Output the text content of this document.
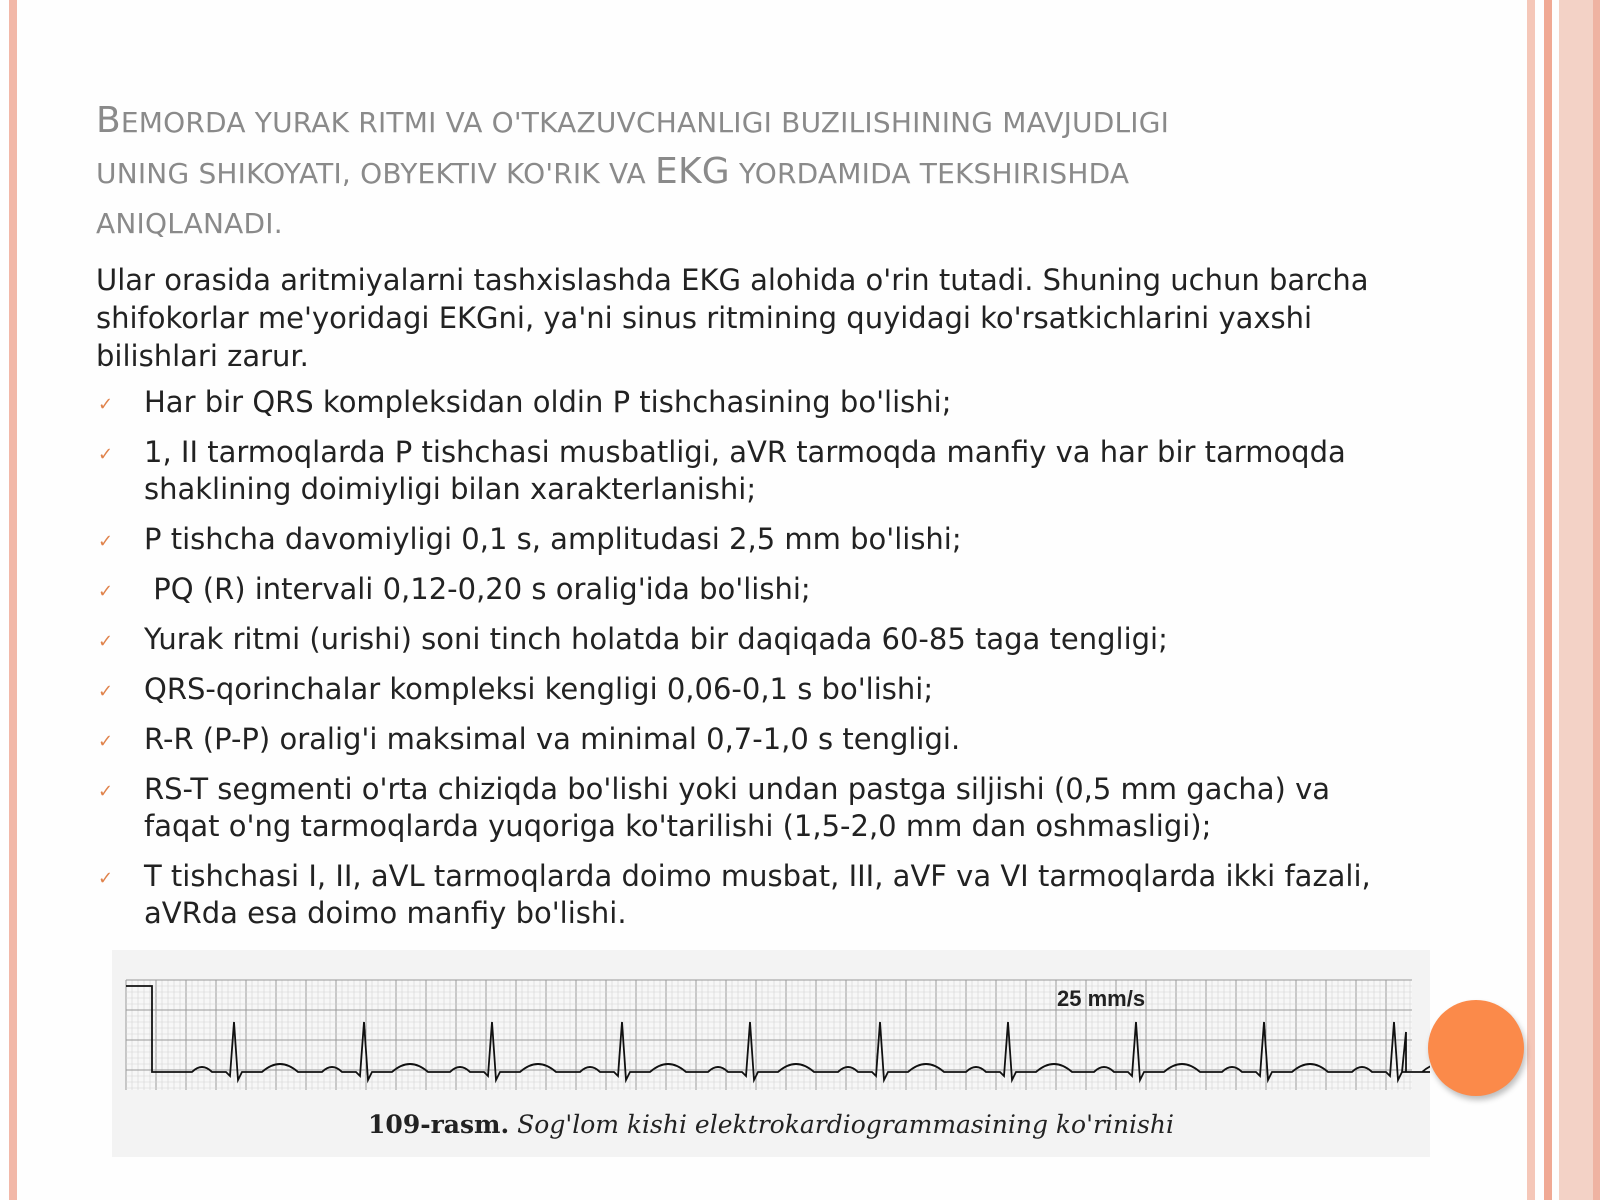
BEMORDA YURAK RITMI VA O'TKAZUVCHANLIGI BUZILISHINING MAVJUDLIGI
UNING SHIKOYATI, OBYEKTIV KO'RIK VA EKG YORDAMIDA TEKSHIRISHDA
ANIQLANADI.
Ular orasida aritmiyalarni tashxislashda EKG alohida o'rin tutadi. Shuning uchun barcha shifokorlar me'yoridagi EKGni, ya'ni sinus ritmining quyidagi ko'rsatkichlarini yaxshi bilishlari zarur.
✓ Har bir QRS kompleksidan oldin P tishchasining bo'lishi;
✓ 1, II tarmoqlarda P tishchasi musbatligi, aVR tarmoqda manfiy va har bir tarmoqda shaklining doimiyligi bilan xarakterlanishi;
✓ P tishcha davomiyligi 0,1 s, amplitudasi 2,5 mm bo'lishi;
✓ PQ (R) intervali 0,12-0,20 s oralig'ida bo'lishi;
✓ Yurak ritmi (urishi) soni tinch holatda bir daqiqada 60-85 taga tengligi;
✓ QRS-qorinchalar kompleksi kengligi 0,06-0,1 s bo'lishi;
✓ R-R (P-P) oralig'i maksimal va minimal 0,7-1,0 s tengligi.
✓ RS-T segmenti o'rta chiziqda bo'lishi yoki undan pastga siljishi (0,5 mm gacha) va faqat o'ng tarmoqlarda yuqoriga ko'tarilishi (1,5-2,0 mm dan oshmasligi);
✓ T tishchasi I, II, aVL tarmoqlarda doimo musbat, III, aVF va VI tarmoqlarda ikki fazali, aVRda esa doimo manfiy bo'lishi.
25 mm/s
109-rasm. Sog'lom kishi elektrokardiogrammasining ko'rinishi
